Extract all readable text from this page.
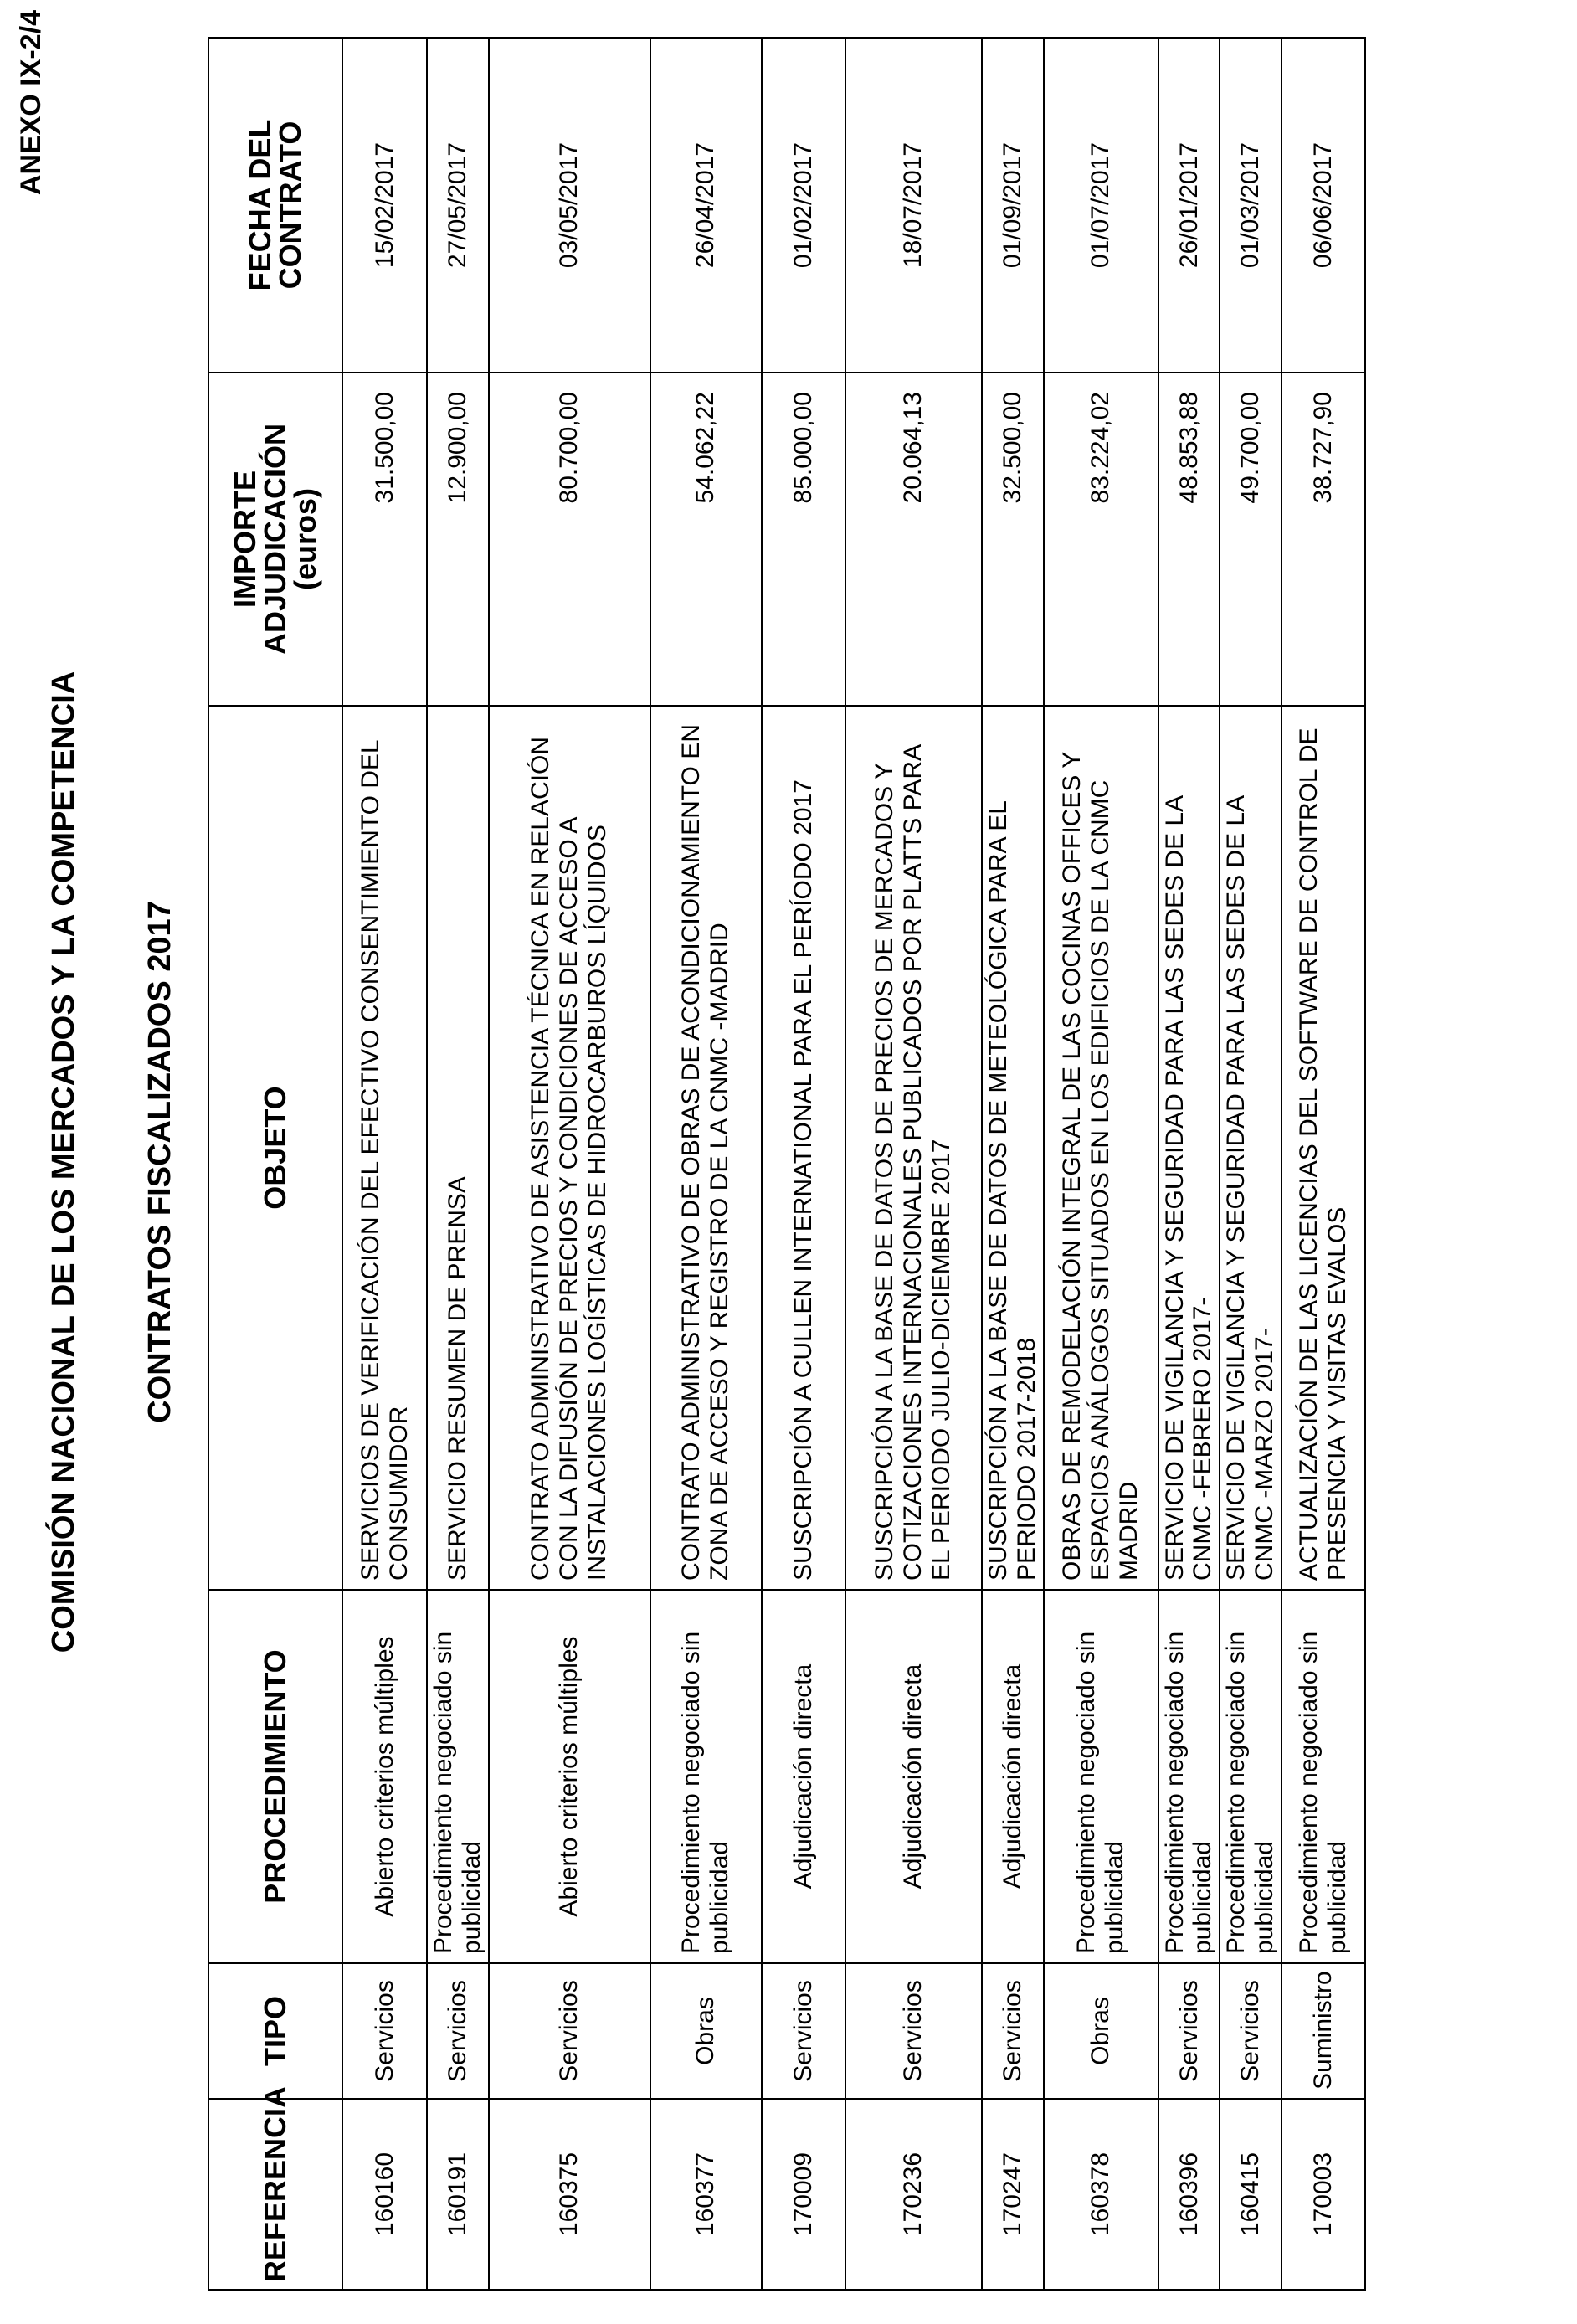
ANEXO IX-2/4
COMISIÓN NACIONAL DE LOS MERCADOS Y LA COMPETENCIA CONTRATOS FISCALIZADOS 2017
REFERENCIA	TIPO	PROCEDIMIENTO	OBJETO	IMPORTE ADJUDICACIÓN (euros)	FECHA DEL CONTRATO
160160	Servicios	Abierto criterios múltiples	SERVICIOS DE VERIFICACIÓN DEL EFECTIVO CONSENTIMIENTO DEL CONSUMIDOR	31.500,00	15/02/2017
160191	Servicios	Procedimiento negociado sin publicidad	SERVICIO RESUMEN DE PRENSA	12.900,00	27/05/2017
160375	Servicios	Abierto criterios múltiples	CONTRATO ADMINISTRATIVO DE ASISTENCIA TÉCNICA EN RELACIÓN CON LA DIFUSIÓN DE PRECIOS Y CONDICIONES DE ACCESO A INSTALACIONES LOGÍSTICAS DE HIDROCARBUROS LÍQUIDOS	80.700,00	03/05/2017
160377	Obras	Procedimiento negociado sin publicidad	CONTRATO ADMINISTRATIVO DE OBRAS DE ACONDICIONAMIENTO EN ZONA DE ACCESO Y REGISTRO DE LA CNMC -MADRID	54.062,22	26/04/2017
170009	Servicios	Adjudicación directa	SUSCRIPCIÓN A CULLEN INTERNATIONAL PARA EL PERÍODO 2017	85.000,00	01/02/2017
170236	Servicios	Adjudicación directa	SUSCRIPCIÓN A LA BASE DE DATOS DE PRECIOS DE MERCADOS Y COTIZACIONES INTERNACIONALES PUBLICADOS POR PLATTS PARA EL PERIODO JULIO-DICIEMBRE 2017	20.064,13	18/07/2017
170247	Servicios	Adjudicación directa	SUSCRIPCIÓN A LA BASE DE DATOS DE METEOLÓGICA PARA EL PERIODO 2017-2018	32.500,00	01/09/2017
160378	Obras	Procedimiento negociado sin publicidad	OBRAS DE REMODELACIÓN INTEGRAL DE LAS COCINAS OFFICES Y ESPACIOS ANÁLOGOS SITUADOS EN LOS EDIFICIOS DE LA CNMC MADRID	83.224,02	01/07/2017
160396	Servicios	Procedimiento negociado sin publicidad	SERVICIO DE VIGILANCIA Y SEGURIDAD PARA LAS SEDES DE LA CNMC -FEBRERO 2017-	48.853,88	26/01/2017
160415	Servicios	Procedimiento negociado sin publicidad	SERVICIO DE VIGILANCIA Y SEGURIDAD PARA LAS SEDES DE LA CNMC -MARZO 2017-	49.700,00	01/03/2017
170003	Suministro	Procedimiento negociado sin publicidad	ACTUALIZACIÓN DE LAS LICENCIAS DEL SOFTWARE DE CONTROL DE PRESENCIA Y VISITAS EVALOS	38.727,90	06/06/2017
